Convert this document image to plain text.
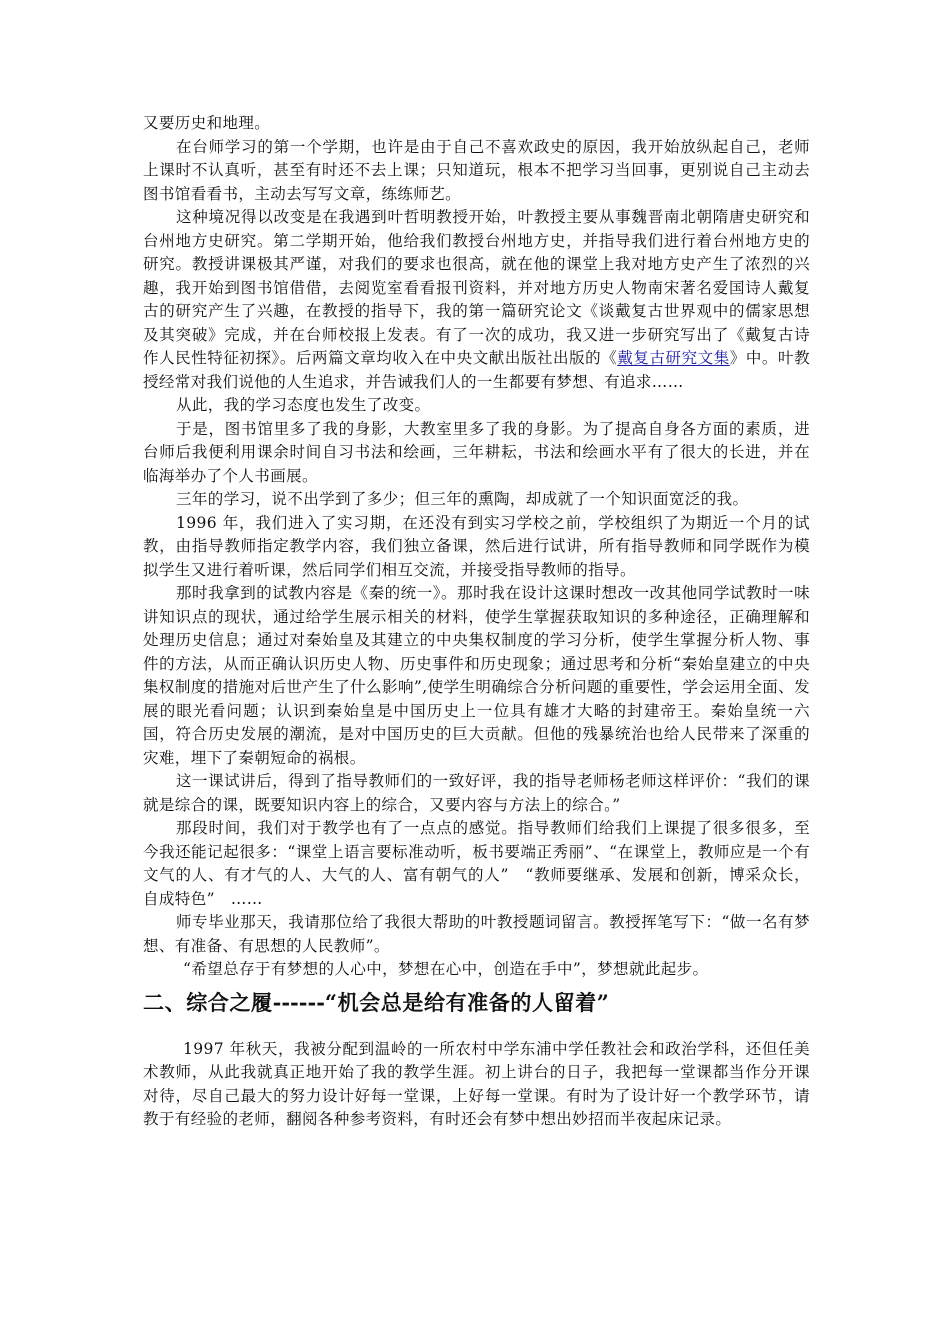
又要历史和地理。

在台师学习的第一个学期，也许是由于自己不喜欢政史的原因，我开始放纵起自己，老师上课时不认真听，甚至有时还不去上课；只知道玩，根本不把学习当回事，更别说自己主动去图书馆看看书，主动去写写文章，练练师艺。

这种境况得以改变是在我遇到叶哲明教授开始，叶教授主要从事魏晋南北朝隋唐史研究和台州地方史研究。第二学期开始，他给我们教授台州地方史，并指导我们进行着台州地方史的研究。教授讲课极其严谨，对我们的要求也很高，就在他的课堂上我对地方史产生了浓烈的兴趣，我开始到图书馆借借，去阅览室看看报刊资料，并对地方历史人物南宋著名爱国诗人戴复古的研究产生了兴趣，在教授的指导下，我的第一篇研究论文《谈戴复古世界观中的儒家思想及其突破》完成，并在台师校报上发表。有了一次的成功，我又进一步研究写出了《戴复古诗作人民性特征初探》。后两篇文章均收入在中央文献出版社出版的《戴复古研究文集》中。叶教授经常对我们说他的人生追求，并告诫我们人的一生都要有梦想、有追求……

从此，我的学习态度也发生了改变。

于是，图书馆里多了我的身影，大教室里多了我的身影。为了提高自身各方面的素质，进台师后我便利用课余时间自习书法和绘画，三年耕耘，书法和绘画水平有了很大的长进，并在临海举办了个人书画展。

三年的学习，说不出学到了多少；但三年的熏陶，却成就了一个知识面宽泛的我。

1996 年，我们进入了实习期，在还没有到实习学校之前，学校组织了为期近一个月的试教，由指导教师指定教学内容，我们独立备课，然后进行试讲，所有指导教师和同学既作为模拟学生又进行着听课，然后同学们相互交流，并接受指导教师的指导。

那时我拿到的试教内容是《秦的统一》。那时我在设计这课时想改一改其他同学试教时一味讲知识点的现状，通过给学生展示相关的材料，使学生掌握获取知识的多种途径，正确理解和处理历史信息；通过对秦始皇及其建立的中央集权制度的学习分析，使学生掌握分析人物、事件的方法，从而正确认识历史人物、历史事件和历史现象；通过思考和分析“秦始皇建立的中央集权制度的措施对后世产生了什么影响”,使学生明确综合分析问题的重要性，学会运用全面、发展的眼光看问题；认识到秦始皇是中国历史上一位具有雄才大略的封建帝王。秦始皇统一六国，符合历史发展的潮流，是对中国历史的巨大贡献。但他的残暴统治也给人民带来了深重的灾难，埋下了秦朝短命的祸根。

这一课试讲后，得到了指导教师们的一致好评，我的指导老师杨老师这样评价：“我们的课就是综合的课，既要知识内容上的综合，又要内容与方法上的综合。”

那段时间，我们对于教学也有了一点点的感觉。指导教师们给我们上课提了很多很多，至今我还能记起很多：“课堂上语言要标准动听，板书要端正秀丽”、“在课堂上，教师应是一个有文气的人、有才气的人、大气的人、富有朝气的人”　“教师要继承、发展和创新，博采众长，自成特色”　……

师专毕业那天，我请那位给了我很大帮助的叶教授题词留言。教授挥笔写下：“做一名有梦想、有准备、有思想的人民教师”。

“希望总存于有梦想的人心中，梦想在心中，创造在手中”，梦想就此起步。

二、综合之履------“机会总是给有准备的人留着”

1997 年秋天，我被分配到温岭的一所农村中学东浦中学任教社会和政治学科，还但任美术教师，从此我就真正地开始了我的教学生涯。初上讲台的日子，我把每一堂课都当作分开课对待，尽自己最大的努力设计好每一堂课，上好每一堂课。有时为了设计好一个教学环节，请教于有经验的老师，翻阅各种参考资料，有时还会有梦中想出妙招而半夜起床记录。
